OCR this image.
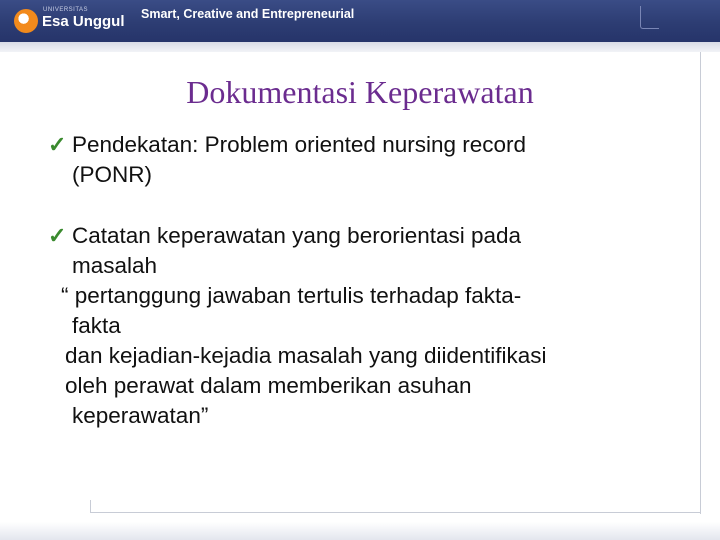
UNIVERSITAS
Esa Unggul Smart, Creative and Entrepreneurial
Dokumentasi Keperawatan
✓ Pendekatan: Problem oriented nursing record
(PONR)
✓ Catatan keperawatan yang berorientasi pada
masalah
“ pertanggung jawaban tertulis terhadap fakta-
fakta
dan kejadian-kejadia masalah yang diidentifikasi
oleh perawat dalam memberikan asuhan
keperawatan”
